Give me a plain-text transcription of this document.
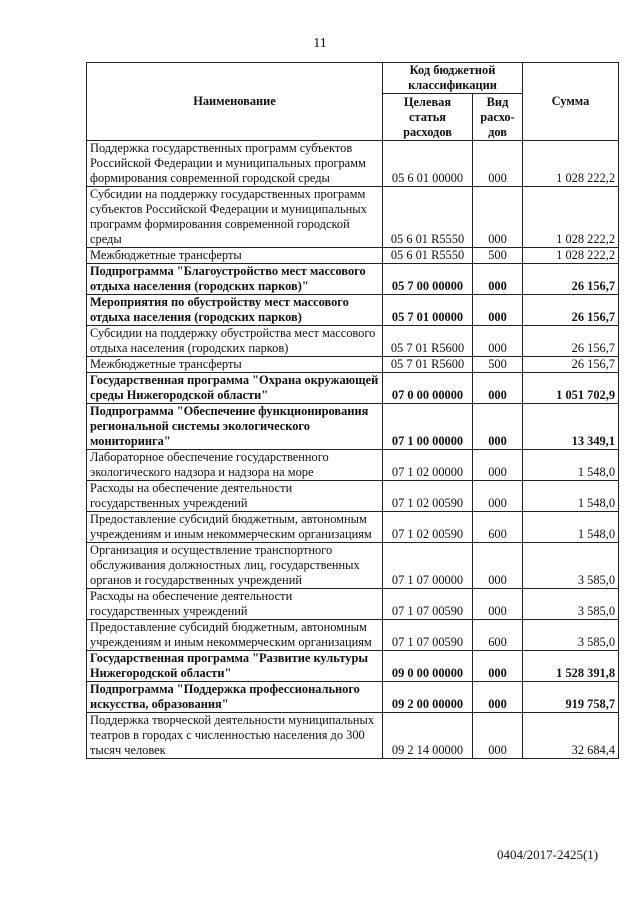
11
Наименование	Код бюджетной классификации		Сумма
	Целевая статья расходов	Вид расхо-дов	
Поддержка государственных программ субъектов Российской Федерации и муниципальных программ формирования современной городской среды	05 6 01 00000	000	1 028 222,2
Субсидии на поддержку государственных программ субъектов Российской Федерации и муниципальных программ формирования современной городской среды	05 6 01 R5550	000	1 028 222,2
Межбюджетные трансферты	05 6 01 R5550	500	1 028 222,2
Подпрограмма "Благоустройство мест массового отдыха населения (городских парков)"	05 7 00 00000	000	26 156,7
Мероприятия по обустройству мест массового отдыха населения (городских парков)	05 7 01 00000	000	26 156,7
Субсидии на поддержку обустройства мест массового отдыха населения (городских парков)	05 7 01 R5600	000	26 156,7
Межбюджетные трансферты	05 7 01 R5600	500	26 156,7
Государственная программа "Охрана окружающей среды Нижегородской области"	07 0 00 00000	000	1 051 702,9
Подпрограмма "Обеспечение функционирования региональной системы экологического мониторинга"	07 1 00 00000	000	13 349,1
Лабораторное обеспечение государственного экологического надзора и надзора на море	07 1 02 00000	000	1 548,0
Расходы на обеспечение деятельности государственных учреждений	07 1 02 00590	000	1 548,0
Предоставление субсидий бюджетным, автономным учреждениям и иным некоммерческим организациям	07 1 02 00590	600	1 548,0
Организация и осуществление транспортного обслуживания должностных лиц, государственных органов и государственных учреждений	07 1 07 00000	000	3 585,0
Расходы на обеспечение деятельности государственных учреждений	07 1 07 00590	000	3 585,0
Предоставление субсидий бюджетным, автономным учреждениям и иным некоммерческим организациям	07 1 07 00590	600	3 585,0
Государственная программа "Развитие культуры Нижегородской области"	09 0 00 00000	000	1 528 391,8
Подпрограмма "Поддержка профессионального искусства, образования"	09 2 00 00000	000	919 758,7
Поддержка творческой деятельности муниципальных театров в городах с численностью населения до 300 тысяч человек	09 2 14 00000	000	32 684,4
0404/2017-2425(1)
